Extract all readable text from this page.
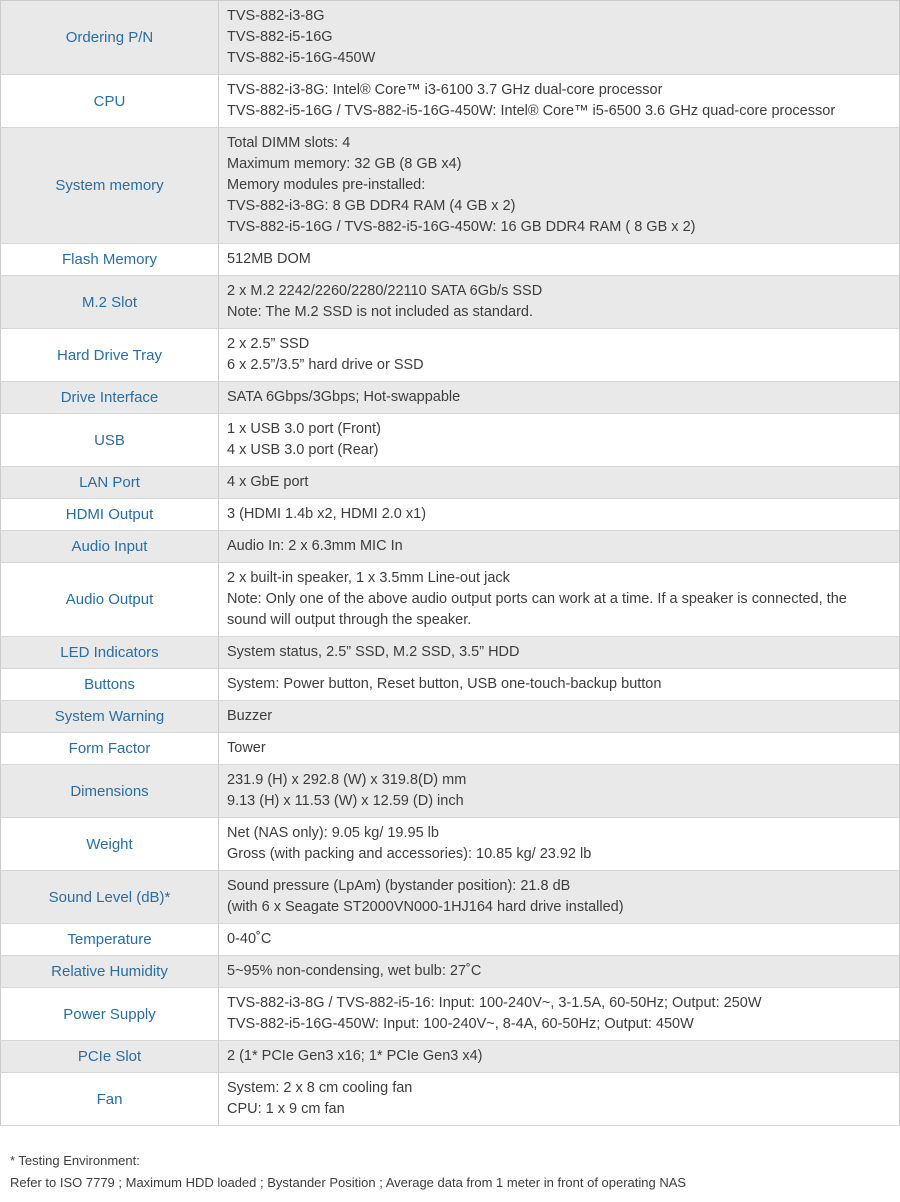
Ordering P/N	TVS-882-i3-8G
TVS-882-i5-16G
TVS-882-i5-16G-450W

CPU	TVS-882-i3-8G: Intel® Core™ i3-6100 3.7 GHz dual-core processor
TVS-882-i5-16G / TVS-882-i5-16G-450W: Intel® Core™ i5-6500 3.6 GHz quad-core processor

System memory	Total DIMM slots: 4
Maximum memory: 32 GB (8 GB x4)
Memory modules pre-installed:
TVS-882-i3-8G: 8 GB DDR4 RAM (4 GB x 2)
TVS-882-i5-16G / TVS-882-i5-16G-450W: 16 GB DDR4 RAM ( 8 GB x 2)

Flash Memory	512MB DOM

M.2 Slot	2 x M.2 2242/2260/2280/22110 SATA 6Gb/s SSD
Note: The M.2 SSD is not included as standard.

Hard Drive Tray	2 x 2.5” SSD
6 x 2.5”/3.5” hard drive or SSD

Drive Interface	SATA 6Gbps/3Gbps; Hot-swappable

USB	1 x USB 3.0 port (Front)
4 x USB 3.0 port (Rear)

LAN Port	4 x GbE port

HDMI Output	3 (HDMI 1.4b x2, HDMI 2.0 x1)

Audio Input	Audio In: 2 x 6.3mm MIC In

Audio Output	2 x built-in speaker, 1 x 3.5mm Line-out jack
Note: Only one of the above audio output ports can work at a time. If a speaker is connected, the sound will output through the speaker.

LED Indicators	System status, 2.5” SSD, M.2 SSD, 3.5” HDD

Buttons	System: Power button, Reset button, USB one-touch-backup button

System Warning	Buzzer

Form Factor	Tower

Dimensions	231.9 (H) x 292.8 (W) x 319.8(D) mm
9.13 (H) x 11.53 (W) x 12.59 (D) inch

Weight	Net (NAS only): 9.05 kg/ 19.95 lb
Gross (with packing and accessories): 10.85 kg/ 23.92 lb

Sound Level (dB)*	Sound pressure (LpAm) (bystander position): 21.8 dB
(with 6 x Seagate ST2000VN000-1HJ164 hard drive installed)

Temperature	0-40˚C

Relative Humidity	5~95% non-condensing, wet bulb: 27˚C

Power Supply	TVS-882-i3-8G / TVS-882-i5-16: Input: 100-240V~, 3-1.5A, 60-50Hz; Output: 250W
TVS-882-i5-16G-450W: Input: 100-240V~, 8-4A, 60-50Hz; Output: 450W

PCIe Slot	2 (1* PCIe Gen3 x16; 1* PCIe Gen3 x4)

Fan	System: 2 x 8 cm cooling fan
CPU: 1 x 9 cm fan
* Testing Environment:
Refer to ISO 7779 ; Maximum HDD loaded ; Bystander Position ; Average data from 1 meter in front of operating NAS
